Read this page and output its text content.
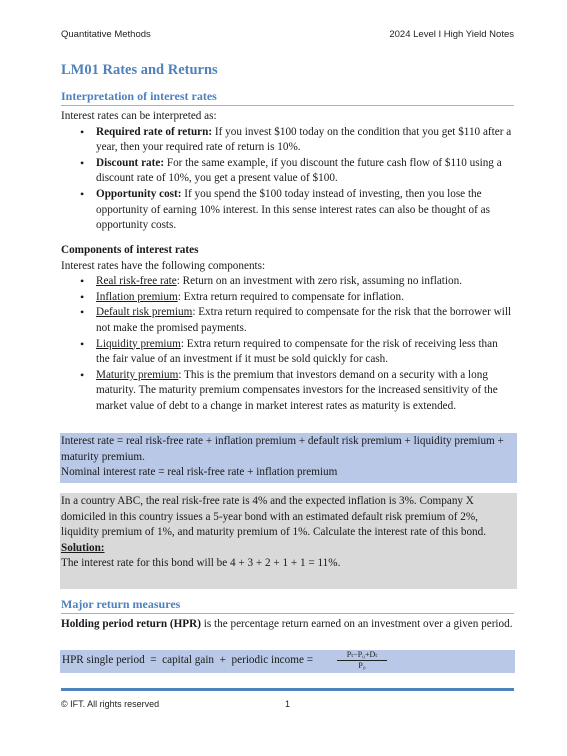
Quantitative Methods	2024 Level I High Yield Notes
LM01 Rates and Returns
Interpretation of interest rates
Interest rates can be interpreted as:
• Required rate of return: If you invest $100 today on the condition that you get $110 after a year, then your required rate of return is 10%.
• Discount rate: For the same example, if you discount the future cash flow of $110 using a discount rate of 10%, you get a present value of $100.
• Opportunity cost: If you spend the $100 today instead of investing, then you lose the opportunity of earning 10% interest. In this sense interest rates can also be thought of as opportunity costs.
Components of interest rates
Interest rates have the following components:
• Real risk-free rate: Return on an investment with zero risk, assuming no inflation.
• Inflation premium: Extra return required to compensate for inflation.
• Default risk premium: Extra return required to compensate for the risk that the borrower will not make the promised payments.
• Liquidity premium: Extra return required to compensate for the risk of receiving less than the fair value of an investment if it must be sold quickly for cash.
• Maturity premium: This is the premium that investors demand on a security with a long maturity. The maturity premium compensates investors for the increased sensitivity of the market value of debt to a change in market interest rates as maturity is extended.
Interest rate = real risk-free rate + inflation premium + default risk premium + liquidity premium + maturity premium.
Nominal interest rate = real risk-free rate + inflation premium
In a country ABC, the real risk-free rate is 4% and the expected inflation is 3%. Company X domiciled in this country issues a 5-year bond with an estimated default risk premium of 2%, liquidity premium of 1%, and maturity premium of 1%. Calculate the interest rate of this bond.
Solution:
The interest rate for this bond will be 4 + 3 + 2 + 1 + 1 = 11%.
Major return measures
Holding period return (HPR) is the percentage return earned on an investment over a given period.
HPR single period  =  capital gain  +  periodic income =	$\frac{\text{Pₜ−P₀+Dₜ}}{\text{P₀}}$
© IFT. All rights reserved	1
